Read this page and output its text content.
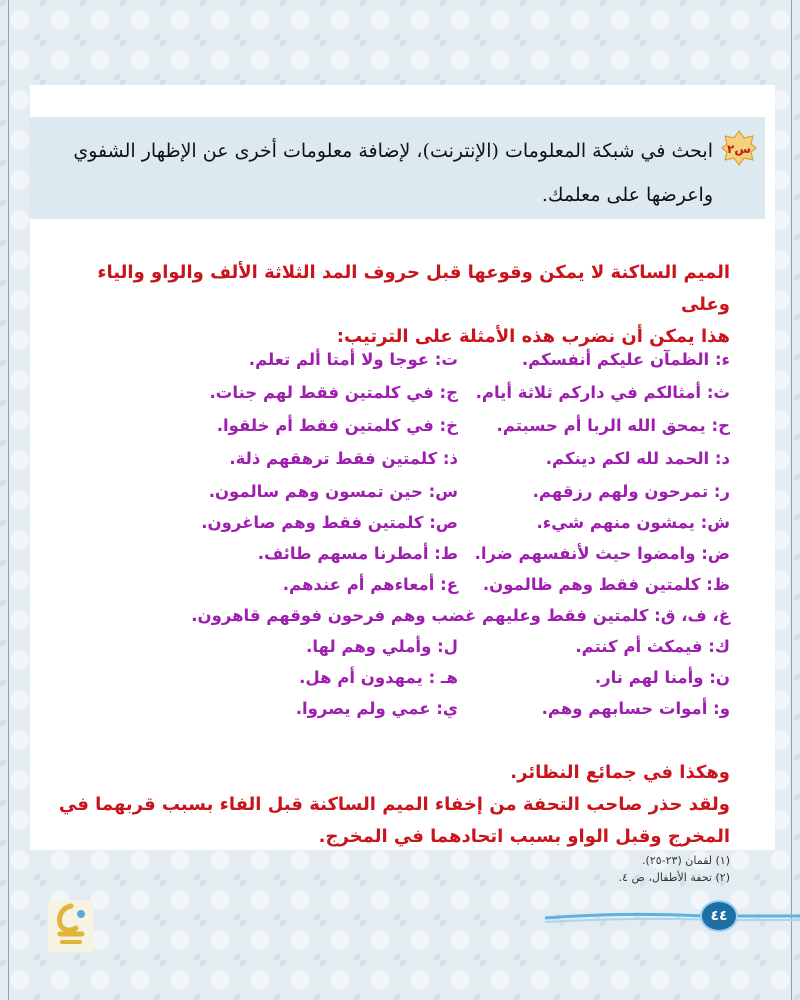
س٢
ابحث في شبكة المعلومات (الإنترنت)، لإضافة معلومات أخرى عن الإظهار الشفوي
واعرضها على معلمك.
الميم الساكنة لا يمكن وقوعها قبل حروف المد الثلاثة الألف والواو والياء وعلى
هذا يمكن أن نضرب هذه الأمثلة على الترتيب:
ء: الظمآن عليكم أنفسكم.
ت: عوجا ولا أمتا ألم تعلم.
ث: أمثالكم في داركم ثلاثة أيام.
ج: في كلمتين فقط لهم جنات.
ح: يمحق الله الربا أم حسبتم.
خ: في كلمتين فقط أم خلقوا.
د: الحمد لله لكم دينكم.
ذ: كلمتين فقط ترهقهم ذلة.
ر: تمرحون ولهم رزقهم.
س: حين تمسون وهم سالمون.
ش: يمشون منهم شيء.
ص: كلمتين فقط وهم صاغرون.
ض: وامضوا حيث لأنفسهم ضرا.
ط: أمطرنا مسهم طائف.
ظ: كلمتين فقط وهم ظالمون.
ع: أمعاءهم أم عندهم.
غ، ف، ق: كلمتين فقط وعليهم غضب وهم فرحون فوقهم قاهرون.
ك: فيمكث أم كنتم.
ل: وأملي وهم لها.
ن: وأمنا لهم نار.
هـ : يمهدون أم هل.
و: أموات حسابهم وهم.
ي: عمي ولم يصروا.
وهكذا في جمائع النظائر.
ولقد حذر صاحب التحفة من إخفاء الميم الساكنة قبل الفاء بسبب قربهما في
المخرج وقبل الواو بسبب اتحادهما في المخرج.
(١) لقمان (٢٣-٢٥).
(٢) تحفة الأطفال، ص ٤.
٤٤
